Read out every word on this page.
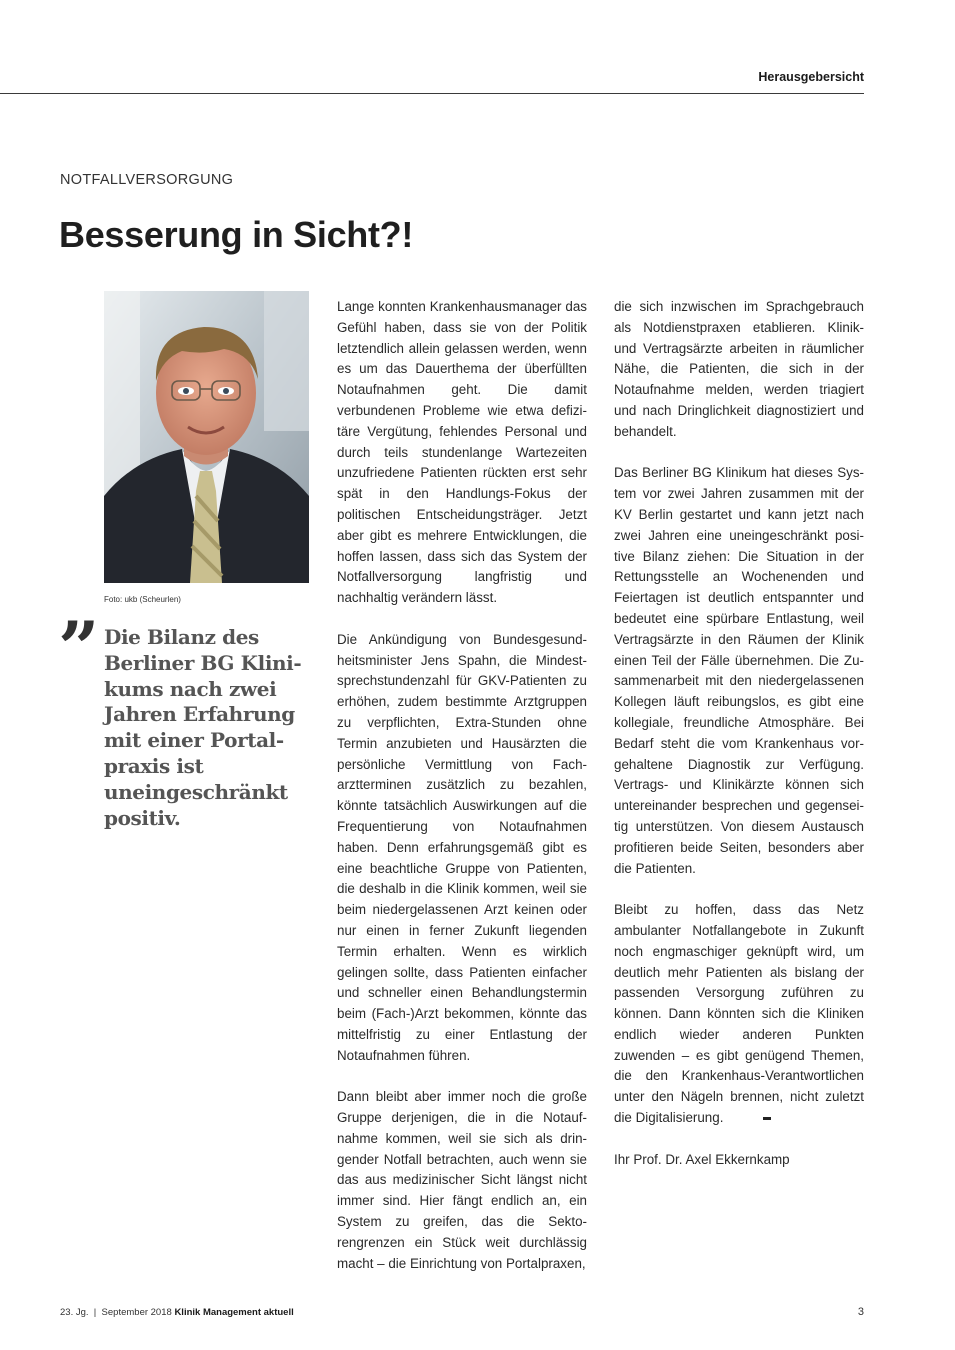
Herausgebersicht
NOTFALLVERSORGUNG
Besserung in Sicht?!
Foto: ukb (Scheurlen)
” Die Bilanz des Berliner BG Klinikums nach zwei Jahren Erfahrung mit einer Portalpraxis ist uneingeschränkt positiv.

Lange konnten Krankenhausmanager das Gefühl haben, dass sie von der Politik letztendlich allein gelassen werden, wenn es um das Dauerthema der überfüllten Notaufnahmen geht. Die damit verbundenen Probleme wie etwa defizitäre Vergütung, fehlendes Personal und durch teils stundenlange Wartezeiten unzufriedene Patienten rückten erst sehr spät in den Handlungs-Fokus der politischen Entscheidungsträger. Jetzt aber gibt es mehrere Entwicklungen, die hoffen lassen, dass sich das System der Notfallversorgung langfristig und nachhaltig verändern lässt.

Die Ankündigung von Bundesgesundheitsminister Jens Spahn, die Mindestsprechstundenzahl für GKV-Patienten zu erhöhen, zudem bestimmte Arztgruppen zu verpflichten, Extra-Stunden ohne Termin anzubieten und Hausärzten die persönliche Vermittlung von Facharztterminen zusätzlich zu bezahlen, könnte tatsächlich Auswirkungen auf die Frequentierung von Notaufnahmen haben. Denn erfahrungsgemäß gibt es eine beachtliche Gruppe von Patienten, die deshalb in die Klinik kommen, weil sie beim niedergelassenen Arzt keinen oder nur einen in ferner Zukunft liegenden Termin erhalten. Wenn es wirklich gelingen sollte, dass Patienten einfacher und schneller einen Behandlungstermin beim (Fach-)Arzt bekommen, könnte das mittelfristig zu einer Entlastung der Notaufnahmen führen.

Dann bleibt aber immer noch die große Gruppe derjenigen, die in die Notaufnahme kommen, weil sie sich als dringender Notfall betrachten, auch wenn sie das aus medizinischer Sicht längst nicht immer sind. Hier fängt endlich an, ein System zu greifen, das die Sektorengrenzen ein Stück weit durchlässig macht – die Einrichtung von Portalpraxen,

die sich inzwischen im Sprachgebrauch als Notdienstpraxen etablieren. Klinik- und Vertragsärzte arbeiten in räumlicher Nähe, die Patienten, die sich in der Notaufnahme melden, werden triagiert und nach Dringlichkeit diagnostiziert und behandelt.

Das Berliner BG Klinikum hat dieses System vor zwei Jahren zusammen mit der KV Berlin gestartet und kann jetzt nach zwei Jahren eine uneingeschränkt positive Bilanz ziehen: Die Situation in der Rettungsstelle an Wochenenden und Feiertagen ist deutlich entspannter und bedeutet eine spürbare Entlastung, weil Vertragsärzte in den Räumen der Klinik einen Teil der Fälle übernehmen. Die Zusammenarbeit mit den niedergelassenen Kollegen läuft reibungslos, es gibt eine kollegiale, freundliche Atmosphäre. Bei Bedarf steht die vom Krankenhaus vorgehaltene Diagnostik zur Verfügung. Vertrags- und Klinikärzte können sich untereinander besprechen und gegenseitig unterstützen. Von diesem Austausch profitieren beide Seiten, besonders aber die Patienten.

Bleibt zu hoffen, dass das Netz ambulanter Notfallangebote in Zukunft noch engmaschiger geknüpft wird, um deutlich mehr Patienten als bislang der passenden Versorgung zuführen zu können. Dann könnten sich die Kliniken endlich wieder anderen Punkten zuwenden – es gibt genügend Themen, die den Krankenhaus-Verantwortlichen unter den Nägeln brennen, nicht zuletzt die Digitalisierung.

Ihr Prof. Dr. Axel Ekkernkamp

23. Jg.  |  September 2018 Klinik Management aktuell	3
